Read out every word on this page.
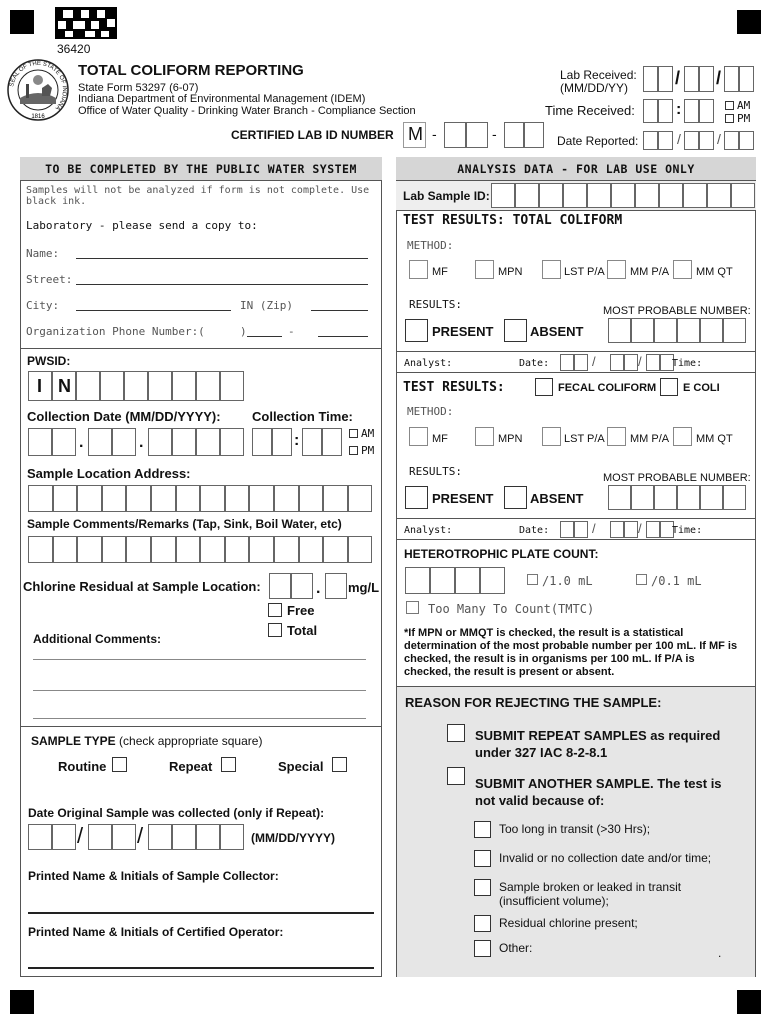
36420
SEAL OF THE STATE OF INDIANA
1816
TOTAL COLIFORM REPORTING
State Form 53297 (6-07)
Indiana Department of Environmental Management (IDEM)
Office of Water Quality - Drinking Water Branch - Compliance Section
CERTIFIED LAB ID NUMBER M -	-
Lab Received:
(MM/DD/YY)	/ /
Time Received:	:	AM
PM
Date Reported:	/	/
TO BE COMPLETED BY THE PUBLIC WATER SYSTEM
Samples will not be analyzed if form is not complete. Use black ink.
Laboratory - please send a copy to:
Name:
Street:
City:	IN (Zip)
Organization Phone Number:(	)	-
PWSID:
I N
Collection Date (MM/DD/YYYY): Collection Time:
.	.	:	AM
PM
Sample Location Address:
Sample Comments/Remarks (Tap, Sink, Boil Water, etc)
Chlorine Residual at Sample Location:	. mg/L
Free
Total
Additional Comments:
SAMPLE TYPE (check appropriate square)
Routine	Repeat	Special
Date Original Sample was collected (only if Repeat):
/ /	(MM/DD/YYYY)
Printed Name & Initials of Sample Collector:
Printed Name & Initials of Certified Operator:
ANALYSIS DATA - FOR LAB USE ONLY
Lab Sample ID:
TEST RESULTS: TOTAL COLIFORM
METHOD:
MF	MPN	LST P/A MM P/A MM QT
RESULTS:	MOST PROBABLE NUMBER:
PRESENT	ABSENT
Analyst:	Date:	/	/	Time:
TEST RESULTS:	FECAL COLIFORM E COLI
METHOD:
MF	MPN	LST P/A MM P/A MM QT
RESULTS:	MOST PROBABLE NUMBER:
PRESENT	ABSENT
Analyst:	Date:	/	/	Time:
HETEROTROPHIC PLATE COUNT:
/1.0 mL	/0.1 mL
Too Many To Count(TMTC)
*If MPN or MMQT is checked, the result is a statistical determination of the most probable number per 100 mL. If MF is checked, the result is in organisms per 100 mL. If P/A is checked, the result is present or absent.
REASON FOR REJECTING THE SAMPLE:
SUBMIT REPEAT SAMPLES as required under 327 IAC 8-2-8.1
SUBMIT ANOTHER SAMPLE. The test is not valid because of:
Too long in transit (>30 Hrs);
Invalid or no collection date and/or time;
Sample broken or leaked in transit (insufficient volume);
Residual chlorine present;
Other:	.
